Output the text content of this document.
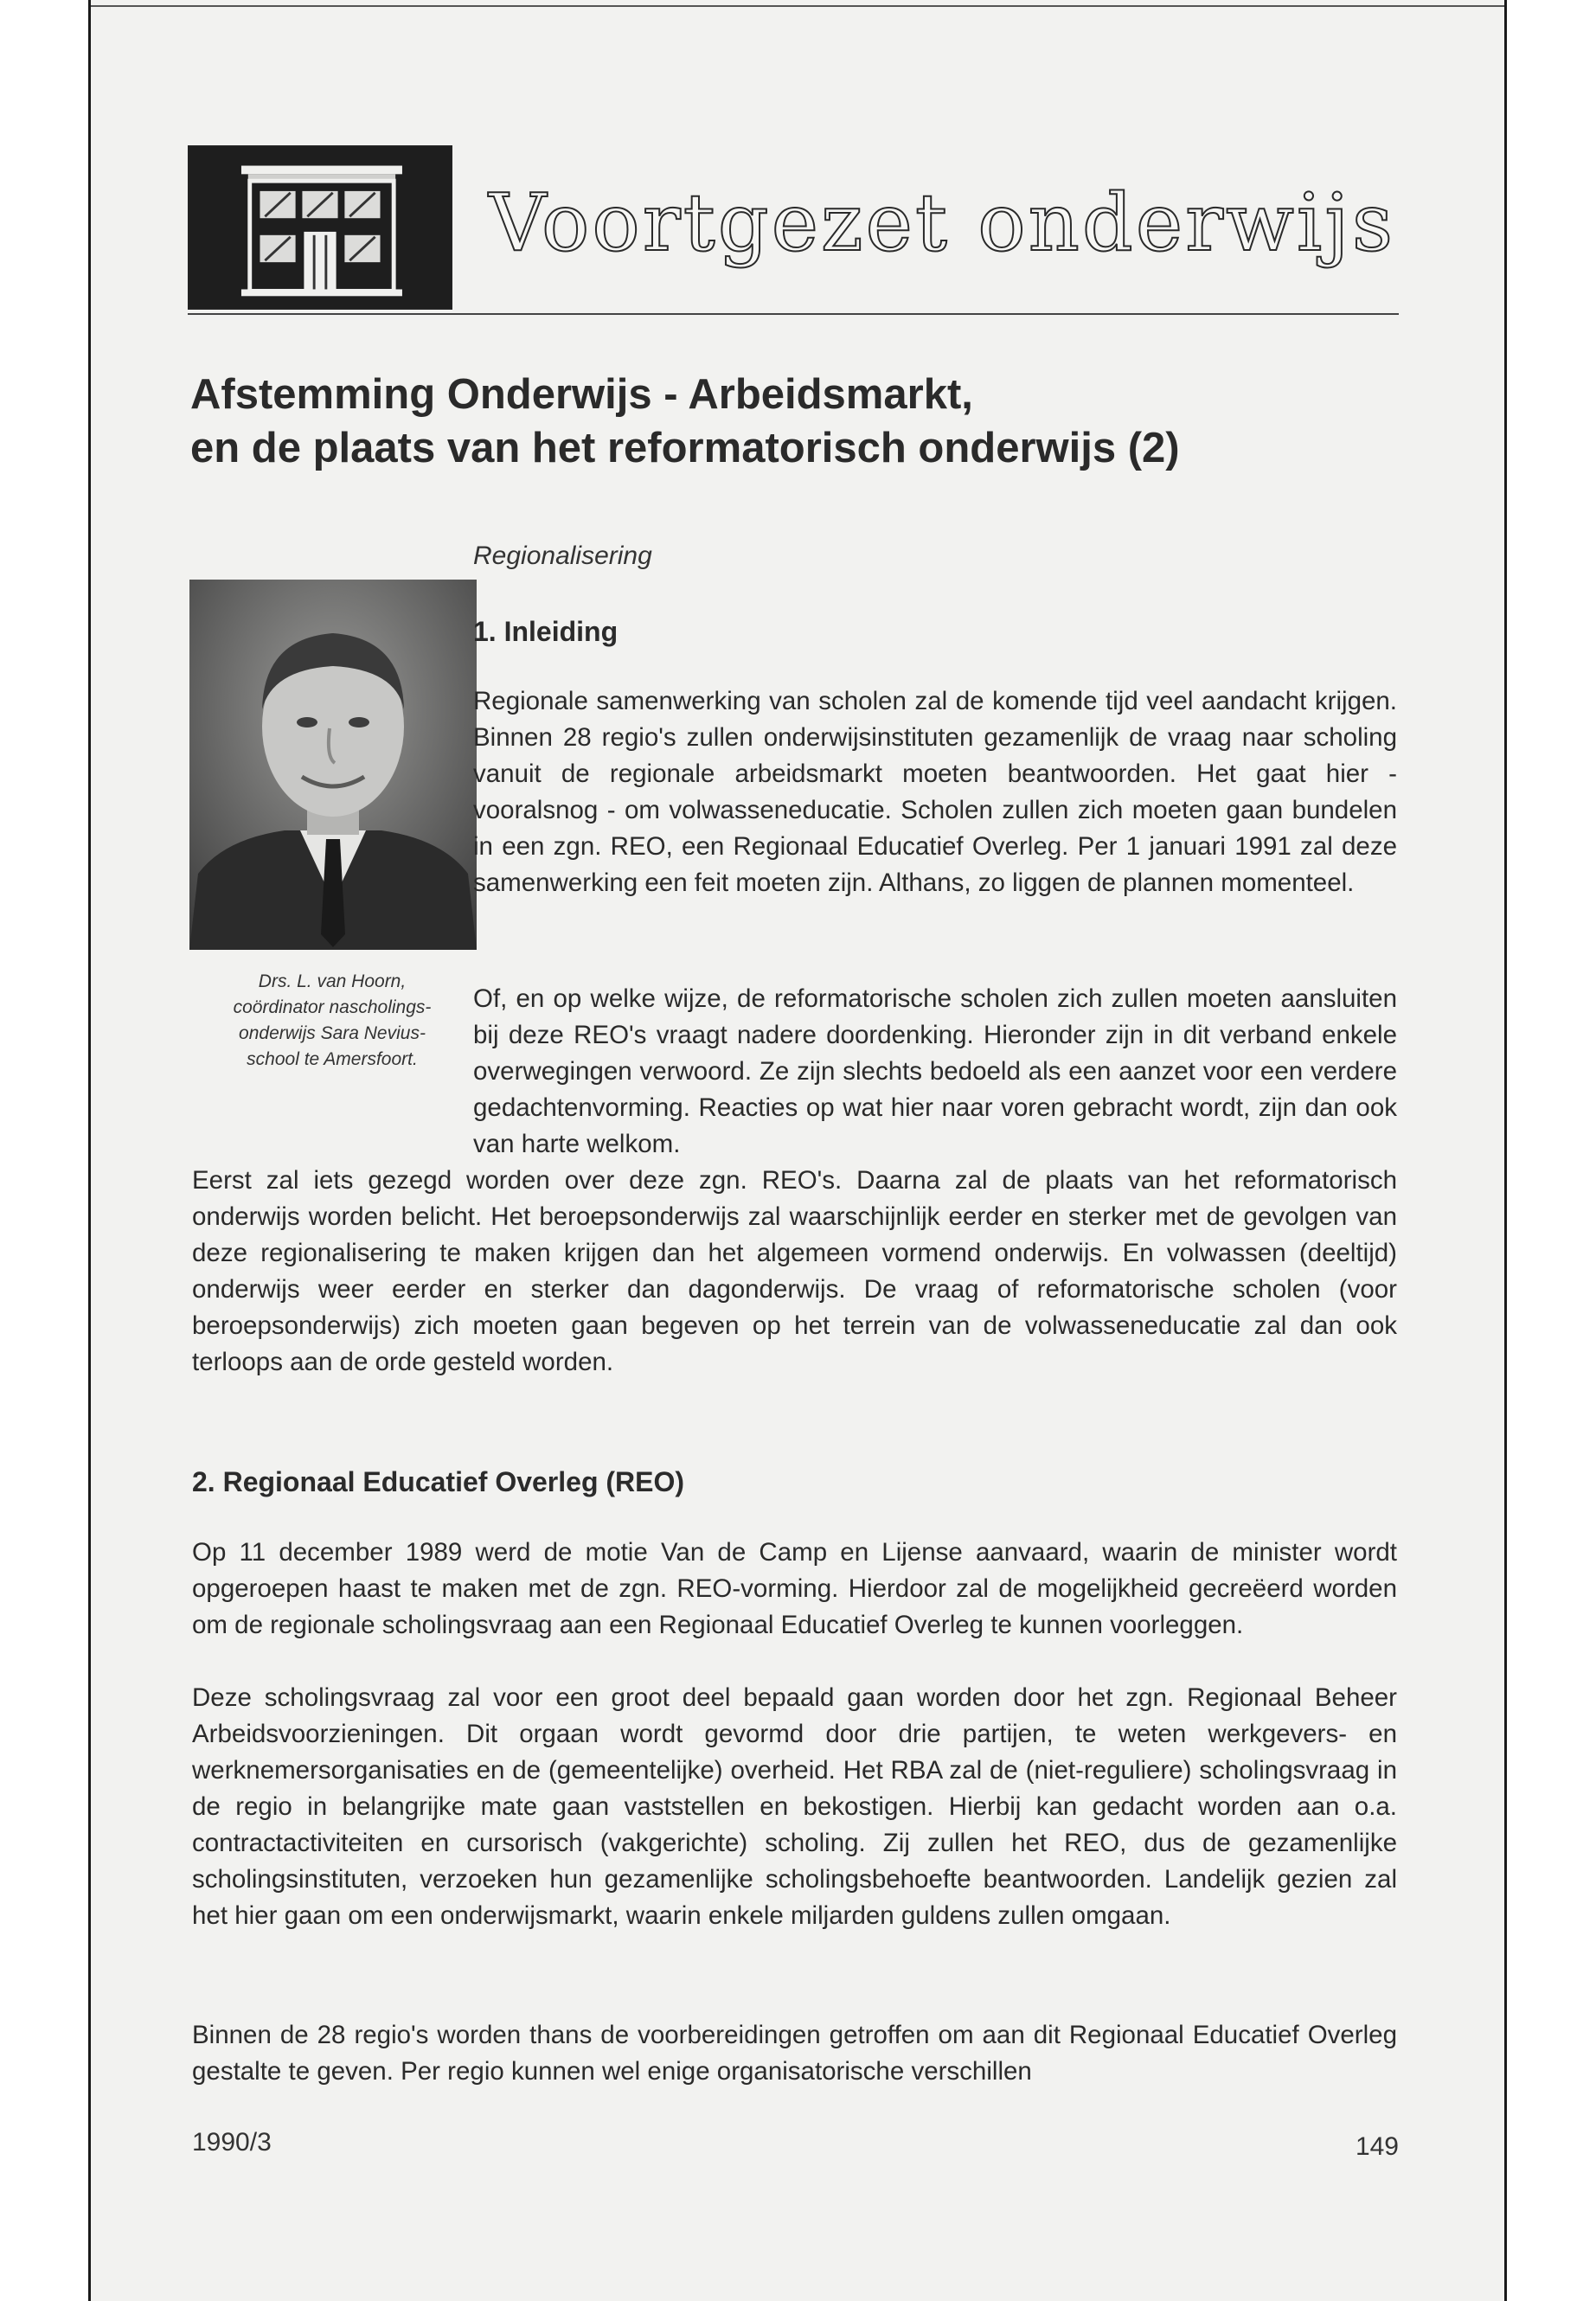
Voortgezet onderwijs
Afstemming Onderwijs - Arbeidsmarkt,
en de plaats van het reformatorisch onderwijs (2)
Regionalisering
Drs. L. van Hoorn,
coördinator nascholings-
onderwijs Sara Nevius-
school te Amersfoort.
1. Inleiding
Regionale samenwerking van scholen zal de komende tijd veel aandacht krijgen. Binnen 28 regio's zullen onderwijsinstituten gezamenlijk de vraag naar scholing vanuit de regionale arbeidsmarkt moeten beantwoorden. Het gaat hier - vooralsnog - om volwasseneducatie. Scholen zullen zich moeten gaan bundelen in een zgn. REO, een Regionaal Educatief Overleg. Per 1 januari 1991 zal deze samenwerking een feit moeten zijn. Althans, zo liggen de plannen momenteel.
Of, en op welke wijze, de reformatorische scholen zich zullen moeten aansluiten bij deze REO's vraagt nadere doordenking. Hieronder zijn in dit verband enkele overwegingen verwoord. Ze zijn slechts bedoeld als een aanzet voor een verdere gedachtenvorming. Reacties op wat hier naar voren gebracht wordt, zijn dan ook van harte welkom.
Eerst zal iets gezegd worden over deze zgn. REO's. Daarna zal de plaats van het reformatorisch onderwijs worden belicht. Het beroepsonderwijs zal waarschijnlijk eerder en sterker met de gevolgen van deze regionalisering te maken krijgen dan het algemeen vormend onderwijs. En volwassen (deeltijd) onderwijs weer eerder en sterker dan dagonderwijs. De vraag of reformatorische scholen (voor beroepsonderwijs) zich moeten gaan begeven op het terrein van de volwasseneducatie zal dan ook terloops aan de orde gesteld worden.
2. Regionaal Educatief Overleg (REO)
Op 11 december 1989 werd de motie Van de Camp en Lijense aanvaard, waarin de minister wordt opgeroepen haast te maken met de zgn. REO-vorming. Hierdoor zal de mogelijkheid gecreëerd worden om de regionale scholingsvraag aan een Regionaal Educatief Overleg te kunnen voorleggen.
Deze scholingsvraag zal voor een groot deel bepaald gaan worden door het zgn. Regionaal Beheer Arbeidsvoorzieningen. Dit orgaan wordt gevormd door drie partijen, te weten werkgevers- en werknemersorganisaties en de (gemeentelijke) overheid. Het RBA zal de (niet-reguliere) scholingsvraag in de regio in belangrijke mate gaan vaststellen en bekostigen. Hierbij kan gedacht worden aan o.a. contractactiviteiten en cursorisch (vakgerichte) scholing. Zij zullen het REO, dus de gezamenlijke scholingsinstituten, verzoeken hun gezamenlijke scholingsbehoefte beantwoorden. Landelijk gezien zal het hier gaan om een onderwijsmarkt, waarin enkele miljarden guldens zullen omgaan.
Binnen de 28 regio's worden thans de voorbereidingen getroffen om aan dit Regionaal Educatief Overleg gestalte te geven. Per regio kunnen wel enige organisatorische verschillen
1990/3	149
